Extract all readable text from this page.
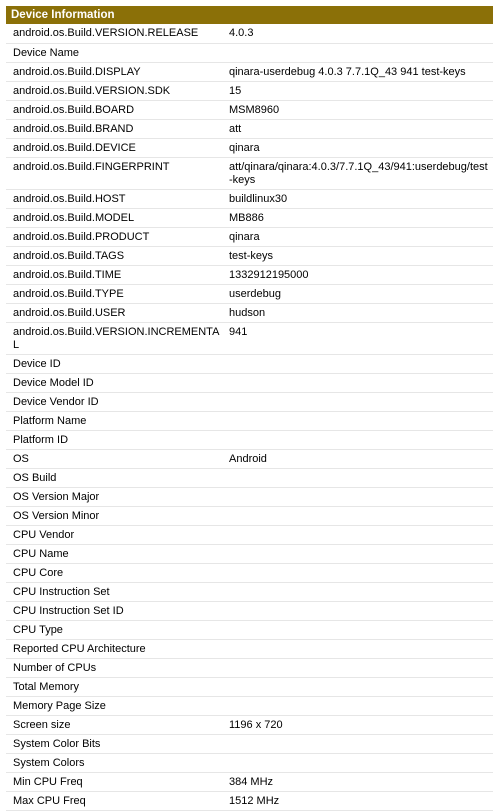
Device Information
android.os.Build.VERSION.RELEASE	4.0.3
Device Name	
android.os.Build.DISPLAY	qinara-userdebug 4.0.3 7.7.1Q_43 941 test-keys
android.os.Build.VERSION.SDK	15
android.os.Build.BOARD	MSM8960
android.os.Build.BRAND	att
android.os.Build.DEVICE	qinara
android.os.Build.FINGERPRINT	att/qinara/qinara:4.0.3/7.7.1Q_43/941:userdebug/test-keys
android.os.Build.HOST	buildlinux30
android.os.Build.MODEL	MB886
android.os.Build.PRODUCT	qinara
android.os.Build.TAGS	test-keys
android.os.Build.TIME	1332912195000
android.os.Build.TYPE	userdebug
android.os.Build.USER	hudson
android.os.Build.VERSION.INCREMENTAL	941
Device ID	
Device Model ID	
Device Vendor ID	
Platform Name	
Platform ID	
OS	Android
OS Build	
OS Version Major	
OS Version Minor	
CPU Vendor	
CPU Name	
CPU Core	
CPU Instruction Set	
CPU Instruction Set ID	
CPU Type	
Reported CPU Architecture	
Number of CPUs	
Total Memory	
Memory Page Size	
Screen size	1196 x 720
System Color Bits	
System Colors	
Min CPU Freq	384 MHz
Max CPU Freq	1512 MHz
